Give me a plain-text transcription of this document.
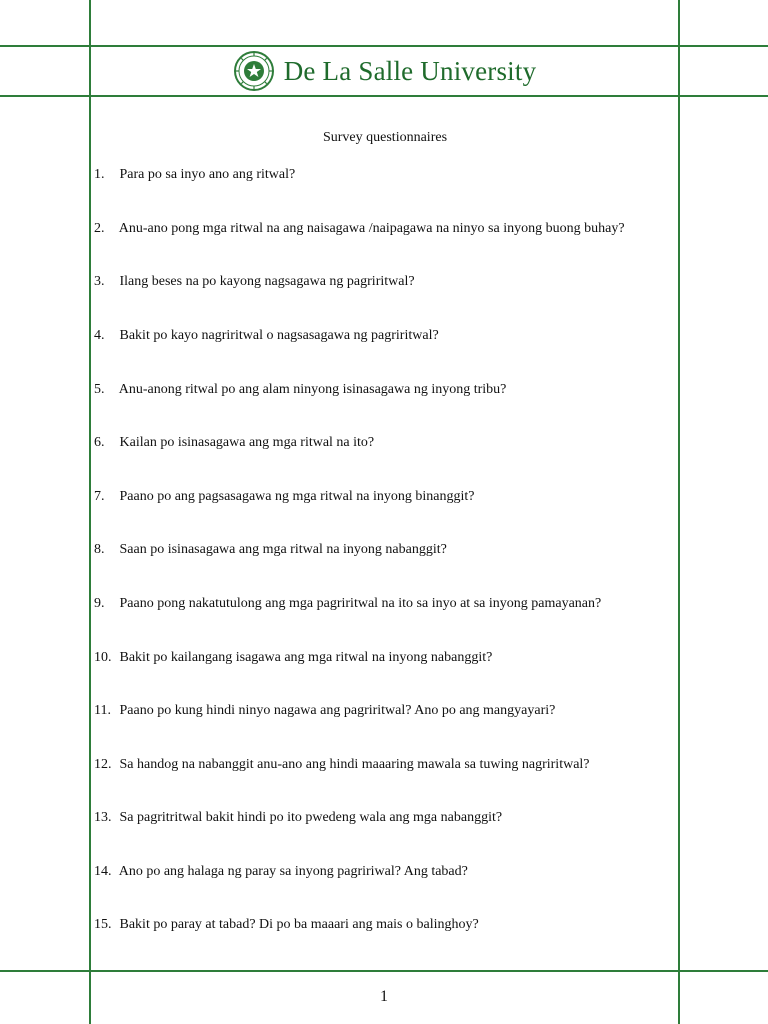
De La Salle University
Survey questionnaires
1. Para po sa inyo ano ang ritwal?
2. Anu-ano pong mga ritwal na ang naisagawa /naipagawa na ninyo sa inyong buong buhay?
3. Ilang beses na po kayong nagsagawa ng pagriritwal?
4. Bakit po kayo nagriritwal o nagsasagawa ng pagriritwal?
5. Anu-anong ritwal po ang alam ninyong isinasagawa ng inyong tribu?
6. Kailan po isinasagawa ang mga ritwal na ito?
7. Paano po ang pagsasagawa ng mga ritwal na inyong binanggit?
8. Saan po isinasagawa ang mga ritwal na inyong nabanggit?
9. Paano pong nakatutulong ang mga pagriritwal na ito sa inyo at sa inyong pamayanan?
10. Bakit po kailangang isagawa ang mga ritwal na inyong nabanggit?
11. Paano po kung hindi ninyo nagawa ang pagriritwal? Ano po ang mangyayari?
12. Sa handog na nabanggit anu-ano ang hindi maaaring mawala sa tuwing nagriritwal?
13. Sa pagritritwal bakit hindi po ito pwedeng wala ang mga nabanggit?
14. Ano po ang halaga ng paray sa inyong pagririwal? Ang tabad?
15. Bakit po paray at tabad? Di po ba maaari ang mais o balinghoy?
1
